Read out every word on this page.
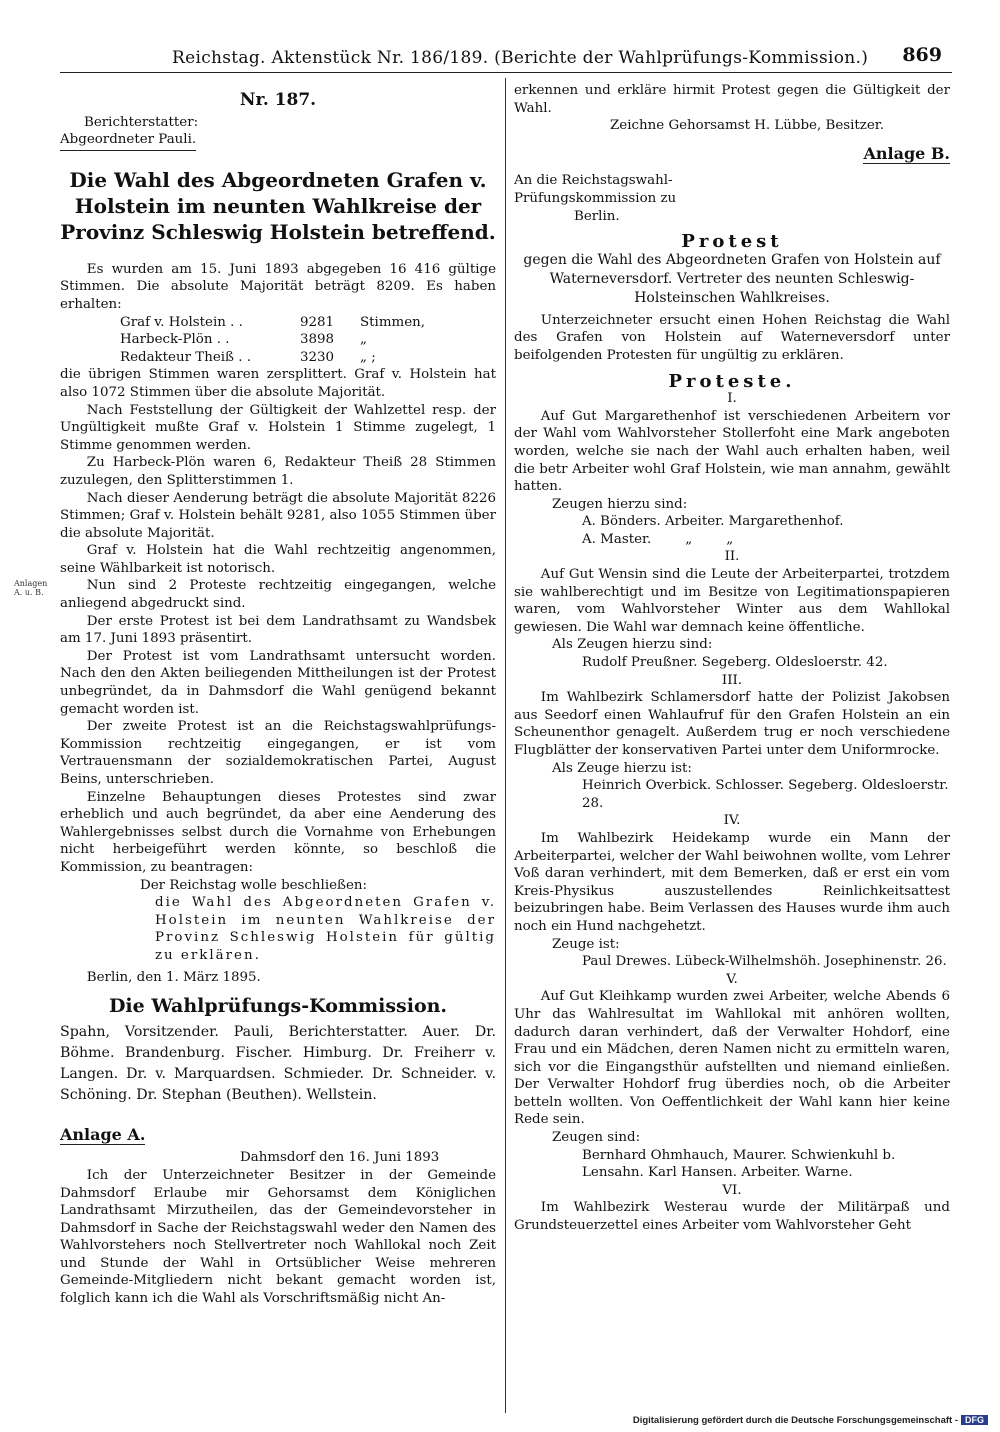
Reichstag. Aktenstück Nr. 186/189. (Berichte der Wahlprüfungs-Kommission.) 869
Nr. 187.

Berichterstatter:

Abgeordneter Pauli.

Die Wahl des Abgeordneten Grafen v. Holstein im neunten Wahlkreise der Provinz Schleswig Holstein betreffend.

Es wurden am 15. Juni 1893 abgegeben 16 416 gültige Stimmen. Die absolute Majorität beträgt 8209. Es haben erhalten:

Graf v. Holstein . .	9281 Stimmen,
Harbeck-Plön . .	3898 „
Redakteur Theiß . .	3230 „ ;

die übrigen Stimmen waren zersplittert. Graf v. Holstein hat also 1072 Stimmen über die absolute Majorität.

Nach Feststellung der Gültigkeit der Wahlzettel resp. der Ungültigkeit mußte Graf v. Holstein 1 Stimme zugelegt, 1 Stimme genommen werden.

Zu Harbeck-Plön waren 6, Redakteur Theiß 28 Stimmen zuzulegen, den Splitterstimmen 1.

Nach dieser Aenderung beträgt die absolute Majorität 8226 Stimmen; Graf v. Holstein behält 9281, also 1055 Stimmen über die absolute Majorität.

Graf v. Holstein hat die Wahl rechtzeitig angenommen, seine Wählbarkeit ist notorisch.

Anlagen A. u. B.	Nun sind 2 Proteste rechtzeitig eingegangen, welche anliegend abgedruckt sind.

Der erste Protest ist bei dem Landrathsamt zu Wandsbek am 17. Juni 1893 präsentirt.

Der Protest ist vom Landrathsamt untersucht worden. Nach den den Akten beiliegenden Mittheilungen ist der Protest unbegründet, da in Dahmsdorf die Wahl genügend bekannt gemacht worden ist.

Der zweite Protest ist an die Reichstagswahlprüfungs-Kommission rechtzeitig eingegangen, er ist vom Vertrauensmann der sozialdemokratischen Partei, August Beins, unterschrieben.

Einzelne Behauptungen dieses Protestes sind zwar erheblich und auch begründet, da aber eine Aenderung des Wahlergebnisses selbst durch die Vornahme von Erhebungen nicht herbeigeführt werden könnte, so beschloß die Kommission, zu beantragen:

Der Reichstag wolle beschließen:

die Wahl des Abgeordneten Grafen v. Holstein im neunten Wahlkreise der Provinz Schleswig Holstein für gültig zu erklären.

Berlin, den 1. März 1895.

Die Wahlprüfungs-Kommission.

Spahn, Vorsitzender. Pauli, Berichterstatter. Auer. Dr. Böhme. Brandenburg. Fischer. Himburg. Dr. Freiherr v. Langen. Dr. v. Marquardsen. Schmieder. Dr. Schneider. v. Schöning. Dr. Stephan (Beuthen). Wellstein.

Anlage A.

Dahmsdorf den 16. Juni 1893

Ich der Unterzeichneter Besitzer in der Gemeinde Dahmsdorf Erlaube mir Gehorsamst dem Königlichen Landrathsamt Mirzutheilen, das der Gemeindevorsteher in Dahmsdorf in Sache der Reichstagswahl weder den Namen des Wahlvorstehers noch Stellvertreter noch Wahllokal noch Zeit und Stunde der Wahl in Ortsüblicher Weise mehreren Gemeinde-Mitgliedern nicht bekant gemacht worden ist, folglich kann ich die Wahl als Vorschriftsmäßig nicht An-

erkennen und erkläre hirmit Protest gegen die Gültigkeit der Wahl.

Zeichne Gehorsamst H. Lübbe, Besitzer.

Anlage B.

An die Reichstagswahl-

Prüfungskommission zu

Berlin.

Protest

gegen die Wahl des Abgeordneten Grafen von Holstein auf Waterneversdorf. Vertreter des neunten Schleswig-Holsteinschen Wahlkreises.

Unterzeichneter ersucht einen Hohen Reichstag die Wahl des Grafen von Holstein auf Waterneversdorf unter beifolgenden Protesten für ungültig zu erklären.

Proteste.

I.

Auf Gut Margarethenhof ist verschiedenen Arbeitern vor der Wahl vom Wahlvorsteher Stollerfoht eine Mark angeboten worden, welche sie nach der Wahl auch erhalten haben, weil die betr Arbeiter wohl Graf Holstein, wie man annahm, gewählt hatten.

Zeugen hierzu sind:

A. Bönders. Arbeiter. Margarethenhof.

A. Master.        „        „

II.

Auf Gut Wensin sind die Leute der Arbeiterpartei, trotzdem sie wahlberechtigt und im Besitze von Legitimationspapieren waren, vom Wahlvorsteher Winter aus dem Wahllokal gewiesen. Die Wahl war demnach keine öffentliche.

Als Zeugen hierzu sind:

Rudolf Preußner. Segeberg. Oldesloerstr. 42.

III.

Im Wahlbezirk Schlamersdorf hatte der Polizist Jakobsen aus Seedorf einen Wahlaufruf für den Grafen Holstein an ein Scheunenthor genagelt. Außerdem trug er noch verschiedene Flugblätter der konservativen Partei unter dem Uniformrocke.

Als Zeuge hierzu ist:

Heinrich Overbick. Schlosser. Segeberg. Oldesloerstr. 28.

IV.

Im Wahlbezirk Heidekamp wurde ein Mann der Arbeiterpartei, welcher der Wahl beiwohnen wollte, vom Lehrer Voß daran verhindert, mit dem Bemerken, daß er erst ein vom Kreis-Physikus auszustellendes Reinlichkeitsattest beizubringen habe. Beim Verlassen des Hauses wurde ihm auch noch ein Hund nachgehetzt.

Zeuge ist:

Paul Drewes. Lübeck-Wilhelmshöh. Josephinenstr. 26.

V.

Auf Gut Kleihkamp wurden zwei Arbeiter, welche Abends 6 Uhr das Wahlresultat im Wahllokal mit anhören wollten, dadurch daran verhindert, daß der Verwalter Hohdorf, eine Frau und ein Mädchen, deren Namen nicht zu ermitteln waren, sich vor die Eingangsthür aufstellten und niemand einließen. Der Verwalter Hohdorf frug überdies noch, ob die Arbeiter betteln wollten. Von Oeffentlichkeit der Wahl kann hier keine Rede sein.

Zeugen sind:

Bernhard Ohmhauch, Maurer. Schwienkuhl b. Lensahn. Karl Hansen. Arbeiter. Warne.

VI.

Im Wahlbezirk Westerau wurde der Militärpaß und Grundsteuerzettel eines Arbeiter vom Wahlvorsteher Geht

Digitalisierung gefördert durch die Deutsche Forschungsgemeinschaft - DFG
